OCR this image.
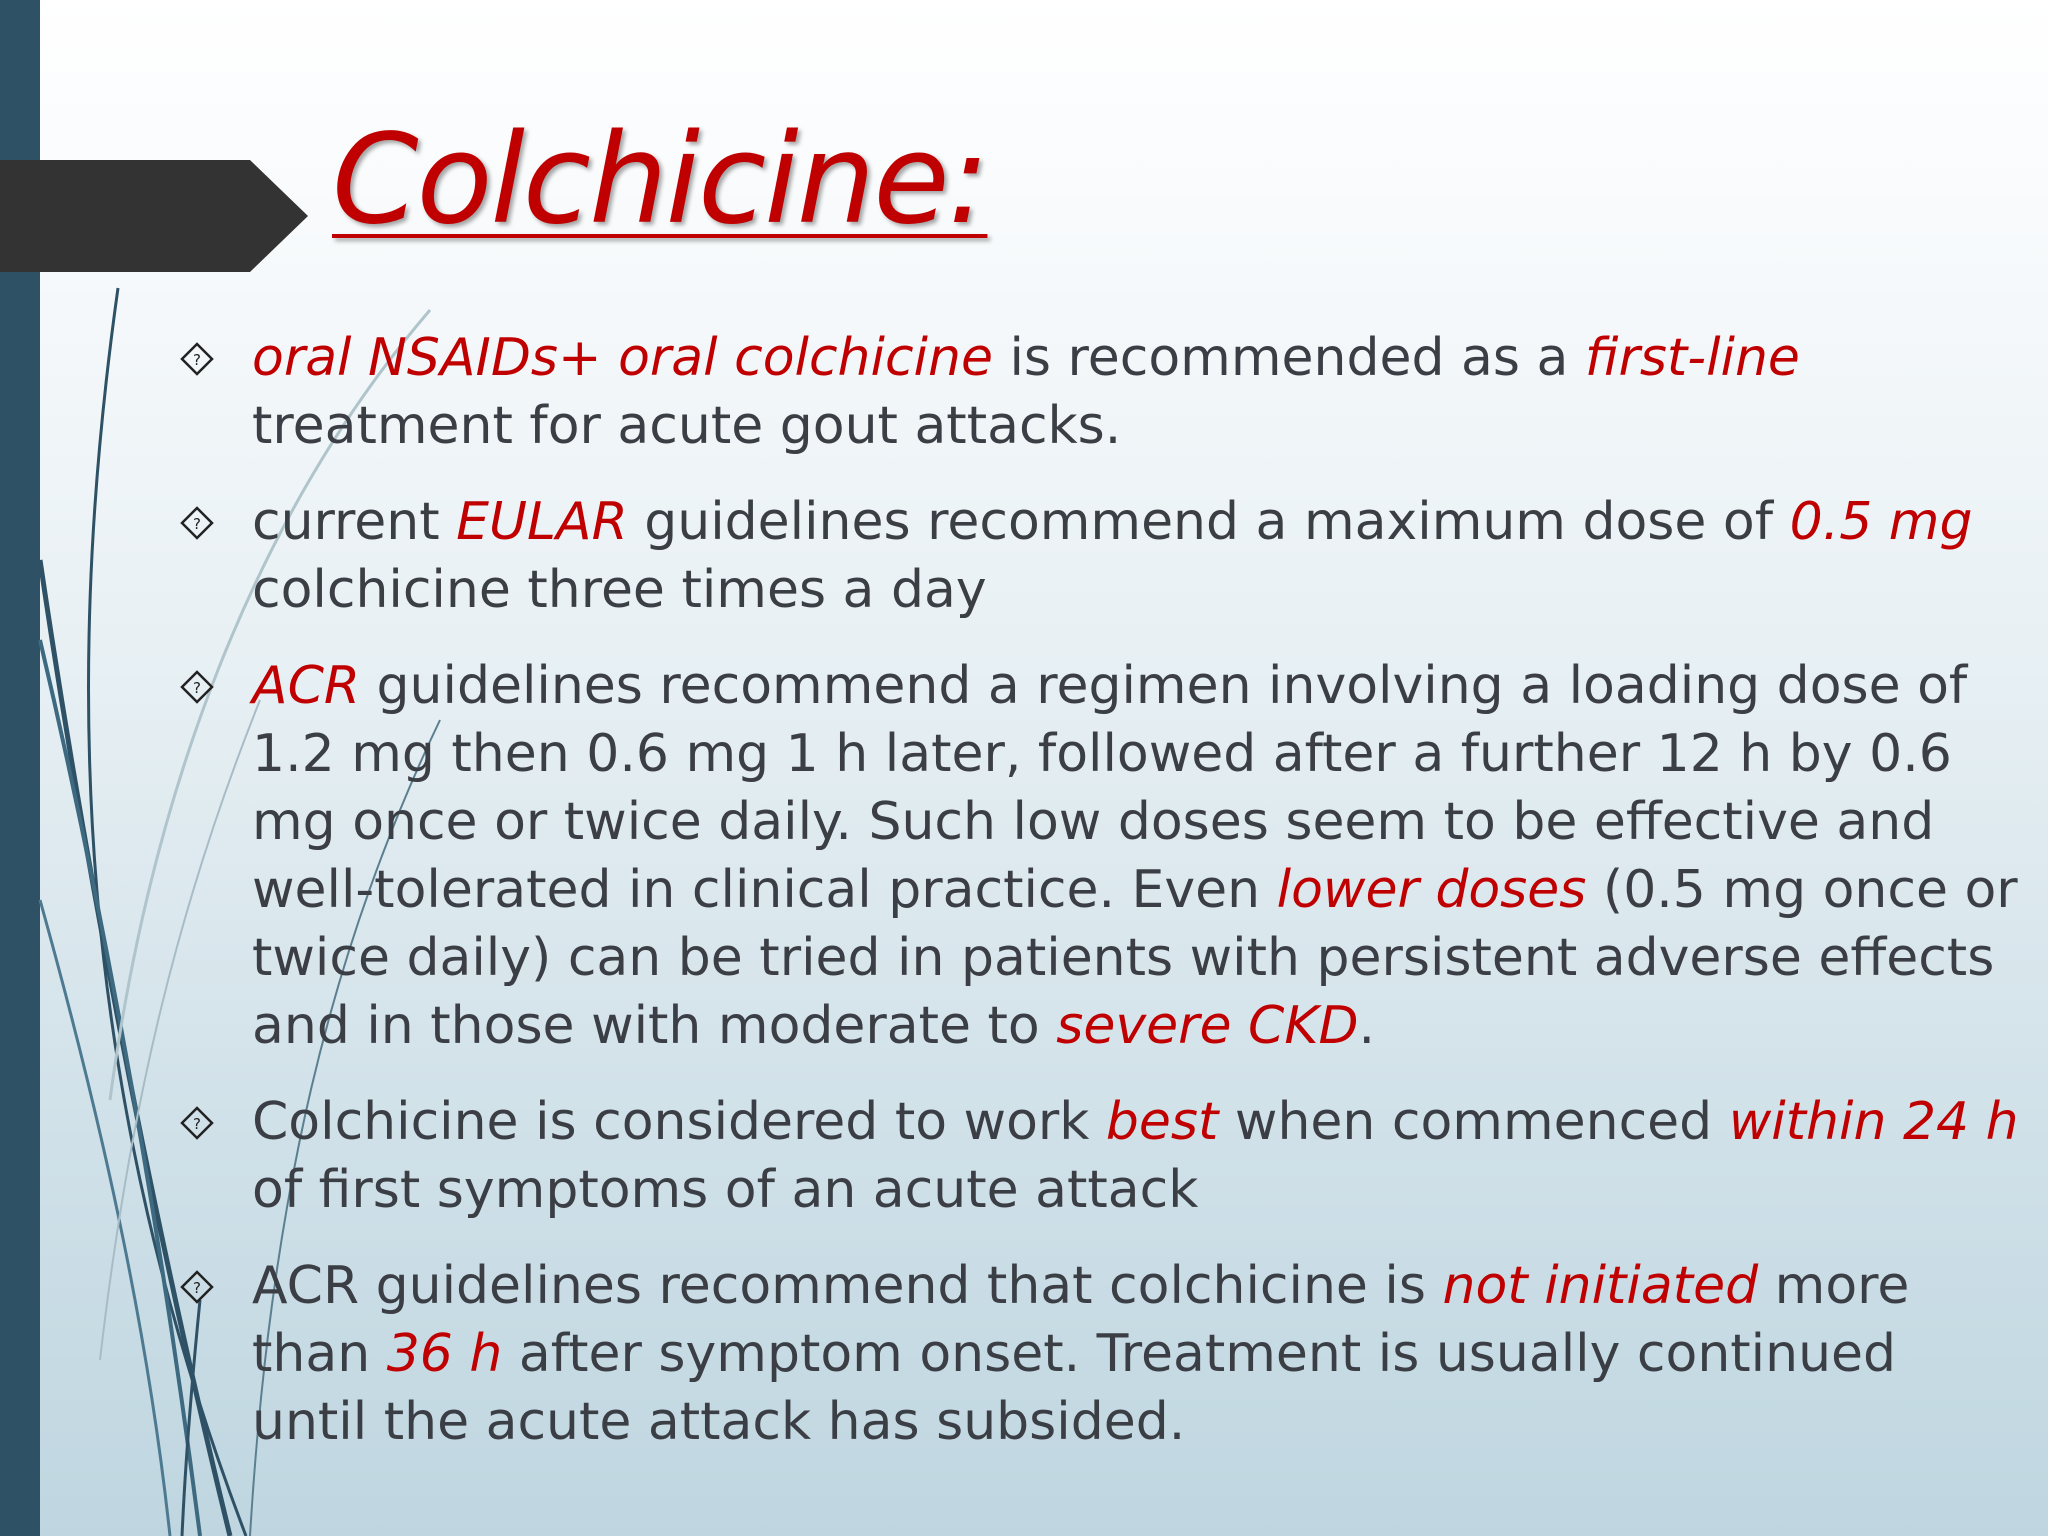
Colchicine:
? oral NSAIDs+ oral colchicine is recommended as a first-line treatment for acute gout attacks.
? current EULAR guidelines recommend a maximum dose of 0.5 mg colchicine three times a day
? ACR guidelines recommend a regimen involving a loading dose of 1.2 mg then 0.6 mg 1 h later, followed after a further 12 h by 0.6 mg once or twice daily. Such low doses seem to be effective and well-tolerated in clinical practice. Even lower doses (0.5 mg once or twice daily) can be tried in patients with persistent adverse effects and in those with moderate to severe CKD.
? Colchicine is considered to work best when commenced within 24 h of first symptoms of an acute attack
? ACR guidelines recommend that colchicine is not initiated more than 36 h after symptom onset. Treatment is usually continued until the acute attack has subsided.
